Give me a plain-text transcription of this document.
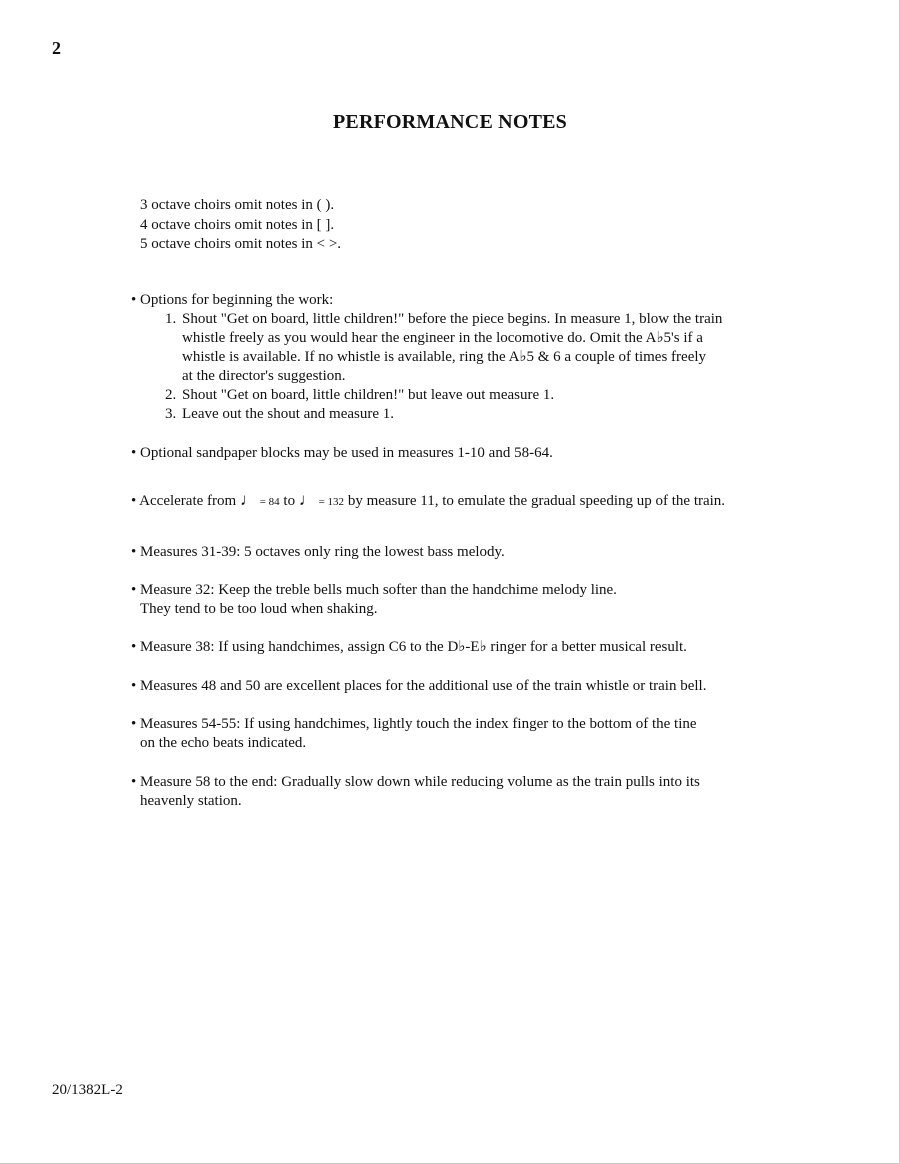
2
PERFORMANCE NOTES
3 octave choirs omit notes in ( ).
4 octave choirs omit notes in [ ].
5 octave choirs omit notes in < >.
• Options for beginning the work:
1. Shout "Get on board, little children!" before the piece begins. In measure 1, blow the train
whistle freely as you would hear the engineer in the locomotive do. Omit the A♭5's if a
whistle is available. If no whistle is available, ring the A♭5 & 6 a couple of times freely
at the director's suggestion.
2. Shout "Get on board, little children!" but leave out measure 1.
3. Leave out the shout and measure 1.
• Optional sandpaper blocks may be used in measures 1-10 and 58-64.
• Accelerate from ♩ = 84 to ♩ = 132 by measure 11, to emulate the gradual speeding up of the train.
• Measures 31-39: 5 octaves only ring the lowest bass melody.
• Measure 32: Keep the treble bells much softer than the handchime melody line.
They tend to be too loud when shaking.
• Measure 38: If using handchimes, assign C6 to the D♭-E♭ ringer for a better musical result.
• Measures 48 and 50 are excellent places for the additional use of the train whistle or train bell.
• Measures 54-55: If using handchimes, lightly touch the index finger to the bottom of the tine
on the echo beats indicated.
• Measure 58 to the end: Gradually slow down while reducing volume as the train pulls into its
heavenly station.
20/1382L-2
